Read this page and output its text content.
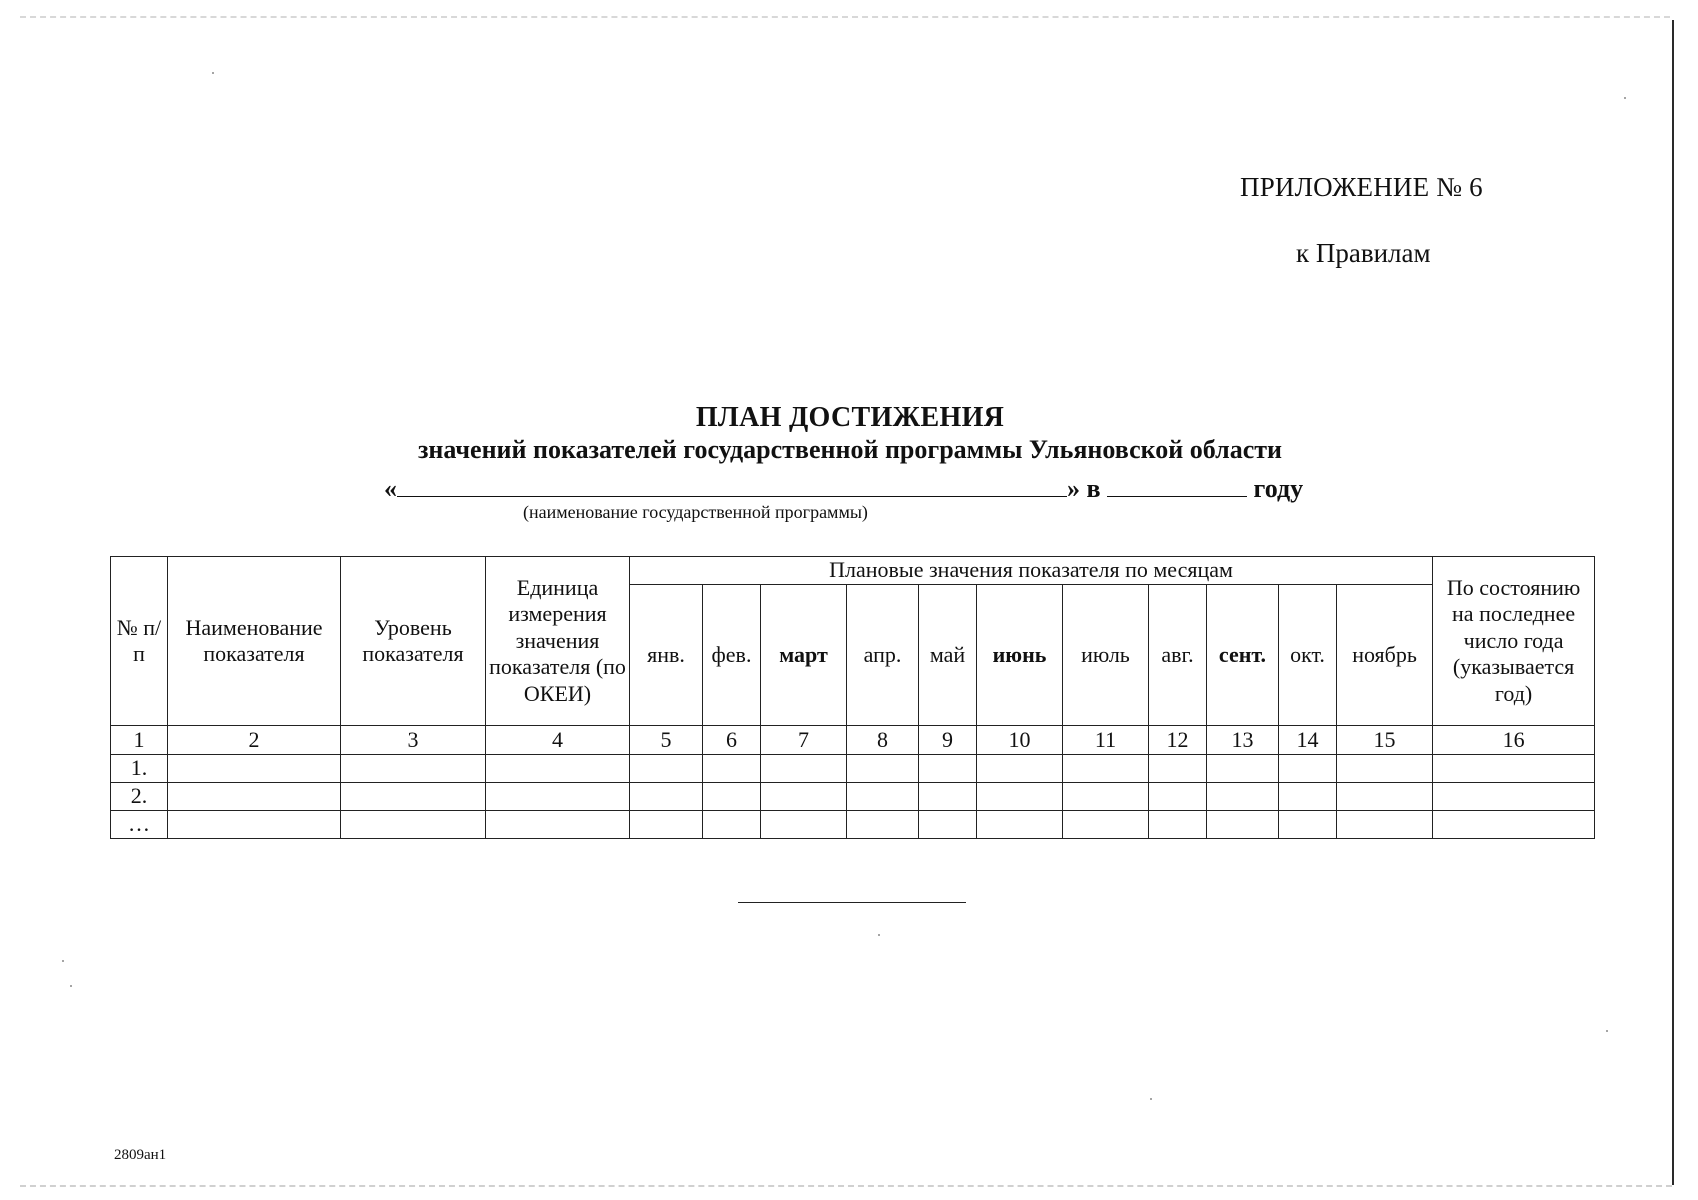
ПРИЛОЖЕНИЕ № 6
к Правилам
ПЛАН ДОСТИЖЕНИЯ
значений показателей государственной программы Ульяновской области
«	» в	году
(наименование государственной программы)
№ п/п	Наименование показателя	Уровень показателя	Единица измерения значения показателя (по ОКЕИ)	Плановые значения показателя по месяцам											По состоянию на последнее число года (указывается год)
				янв.	фев.	март	апр.	май	июнь	июль	авг.	сент.	окт.	ноябрь	
1	2	3	4	5	6	7	8	9	10	11	12	13	14	15	16
1.															
2.															
…															
2809ан1
